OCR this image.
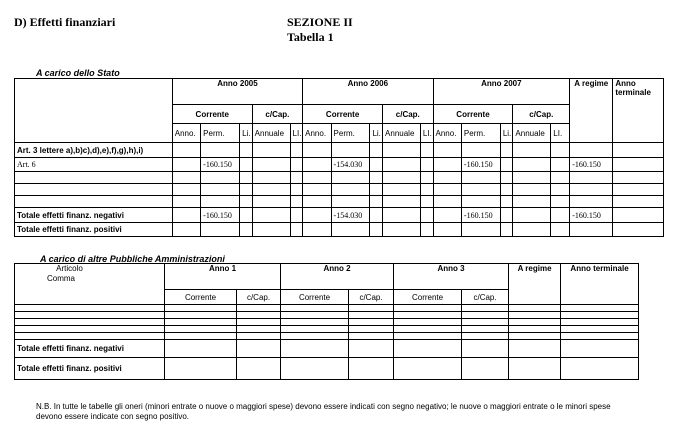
D) Effetti finanziari	SEZIONE II
Tabella 1
A carico dello Stato
	Anno 2005					Anno 2006					Anno 2007					A regime	Anno terminale
	Corrente			c/Cap.		Corrente			c/Cap.		Corrente			c/Cap.			
	Anno.	Perm.	Li.	Annuale	LI.	Anno.	Perm.	Li.	Annuale	LI.	Anno.	Perm.	Li.	Annuale	LI.		

Art. 3 lettere a),b)c),d),e),f),g),h),i)																	

Art. 6		-160.150					-154.030					-160.150				-160.150	

Totale effetti finanz. negativi		-160.150					-154.030					-160.150				-160.150	
Totale effetti finanz. positivi																	
A carico di altre Pubbliche Amministrazioni
Articolo
Comma	Anno 1		Anno 2		Anno 3		A regime	Anno terminale
	Corrente	c/Cap.	Corrente	c/Cap.	Corrente	c/Cap.		

Totale effetti finanz. negativi								
Totale effetti finanz. positivi								
N.B. In tutte le tabelle gli oneri (minori entrate o nuove o maggiori spese) devono essere indicati con segno negativo; le nuove o maggiori entrate o le minori spese devono essere indicate con segno positivo.
